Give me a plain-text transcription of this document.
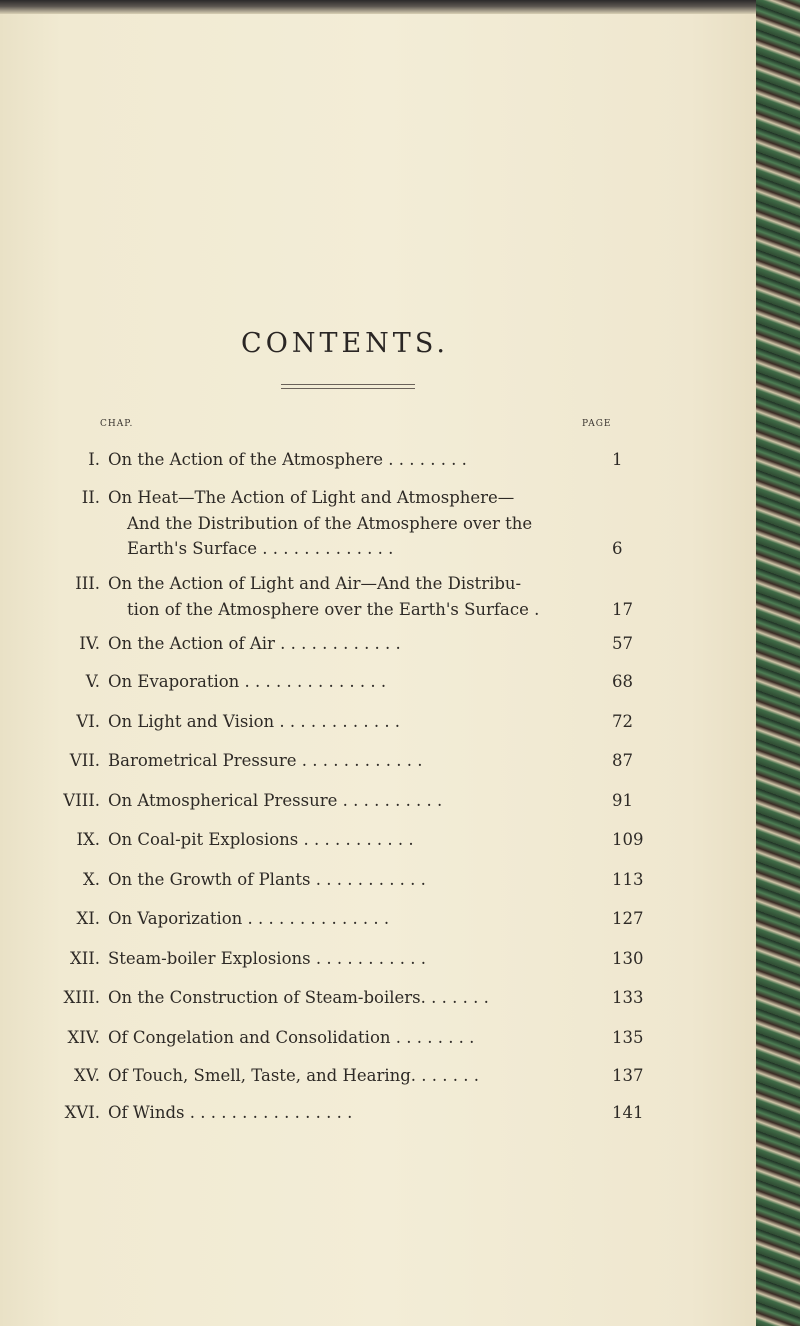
CONTENTS.
CHAP.	PAGE
I. On the Action of the Atmosphere . . . . . . . .	1
II. On Heat—The Action of Light and Atmosphere—
And the Distribution of the Atmosphere over the
Earth's Surface . . . . . . . . . . . . .	6
III. On the Action of Light and Air—And the Distribu-
tion of the Atmosphere over the Earth's Surface .	17
IV. On the Action of Air . . . . . . . . . . . .	57
V. On Evaporation . . . . . . . . . . . . . .	68
VI. On Light and Vision . . . . . . . . . . . .	72
VII. Barometrical Pressure . . . . . . . . . . . .	87
VIII. On Atmospherical Pressure . . . . . . . . . .	91
IX. On Coal-pit Explosions . . . . . . . . . . .	109
X. On the Growth of Plants . . . . . . . . . . .	113
XI. On Vaporization . . . . . . . . . . . . . .	127
XII. Steam-boiler Explosions . . . . . . . . . . .	130
XIII. On the Construction of Steam-boilers. . . . . . .	133
XIV. Of Congelation and Consolidation . . . . . . . .	135
XV. Of Touch, Smell, Taste, and Hearing. . . . . . .	137
XVI. Of Winds . . . . . . . . . . . . . . . .	141
